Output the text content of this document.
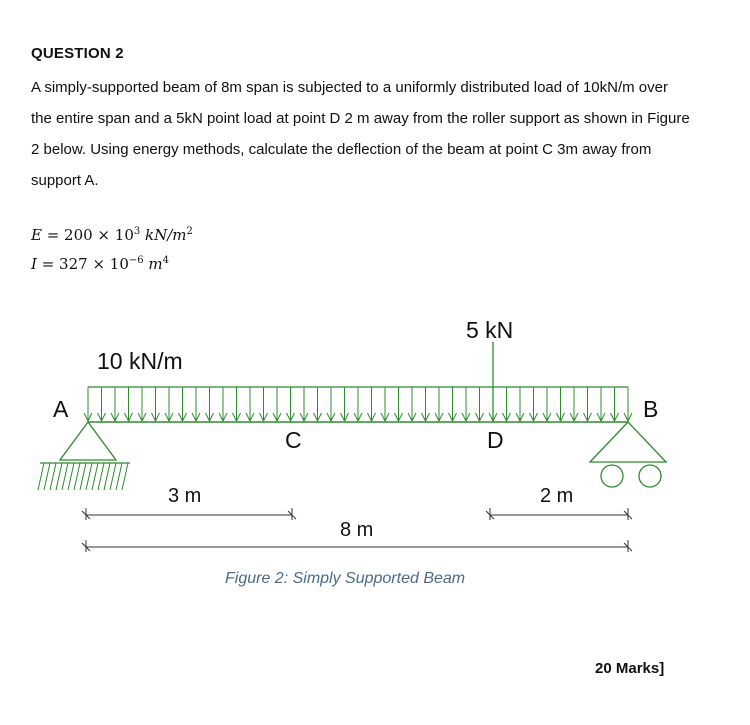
QUESTION 2
A simply-supported beam of 8m span is subjected to a uniformly distributed load of 10kN/m over the entire span and a 5kN point load at point D 2 m away from the roller support as shown in Figure 2 below. Using energy methods, calculate the deflection of the beam at point C 3m away from support A.
$E = 200 \times 10^3$ $kN/m^2$
$I = 327 \times 10^{-6}$ $m^4$
10 kN/m
5 kN
A	B
C	D
3 m	2 m
8 m
Figure 2: Simply Supported Beam
20 Marks]
